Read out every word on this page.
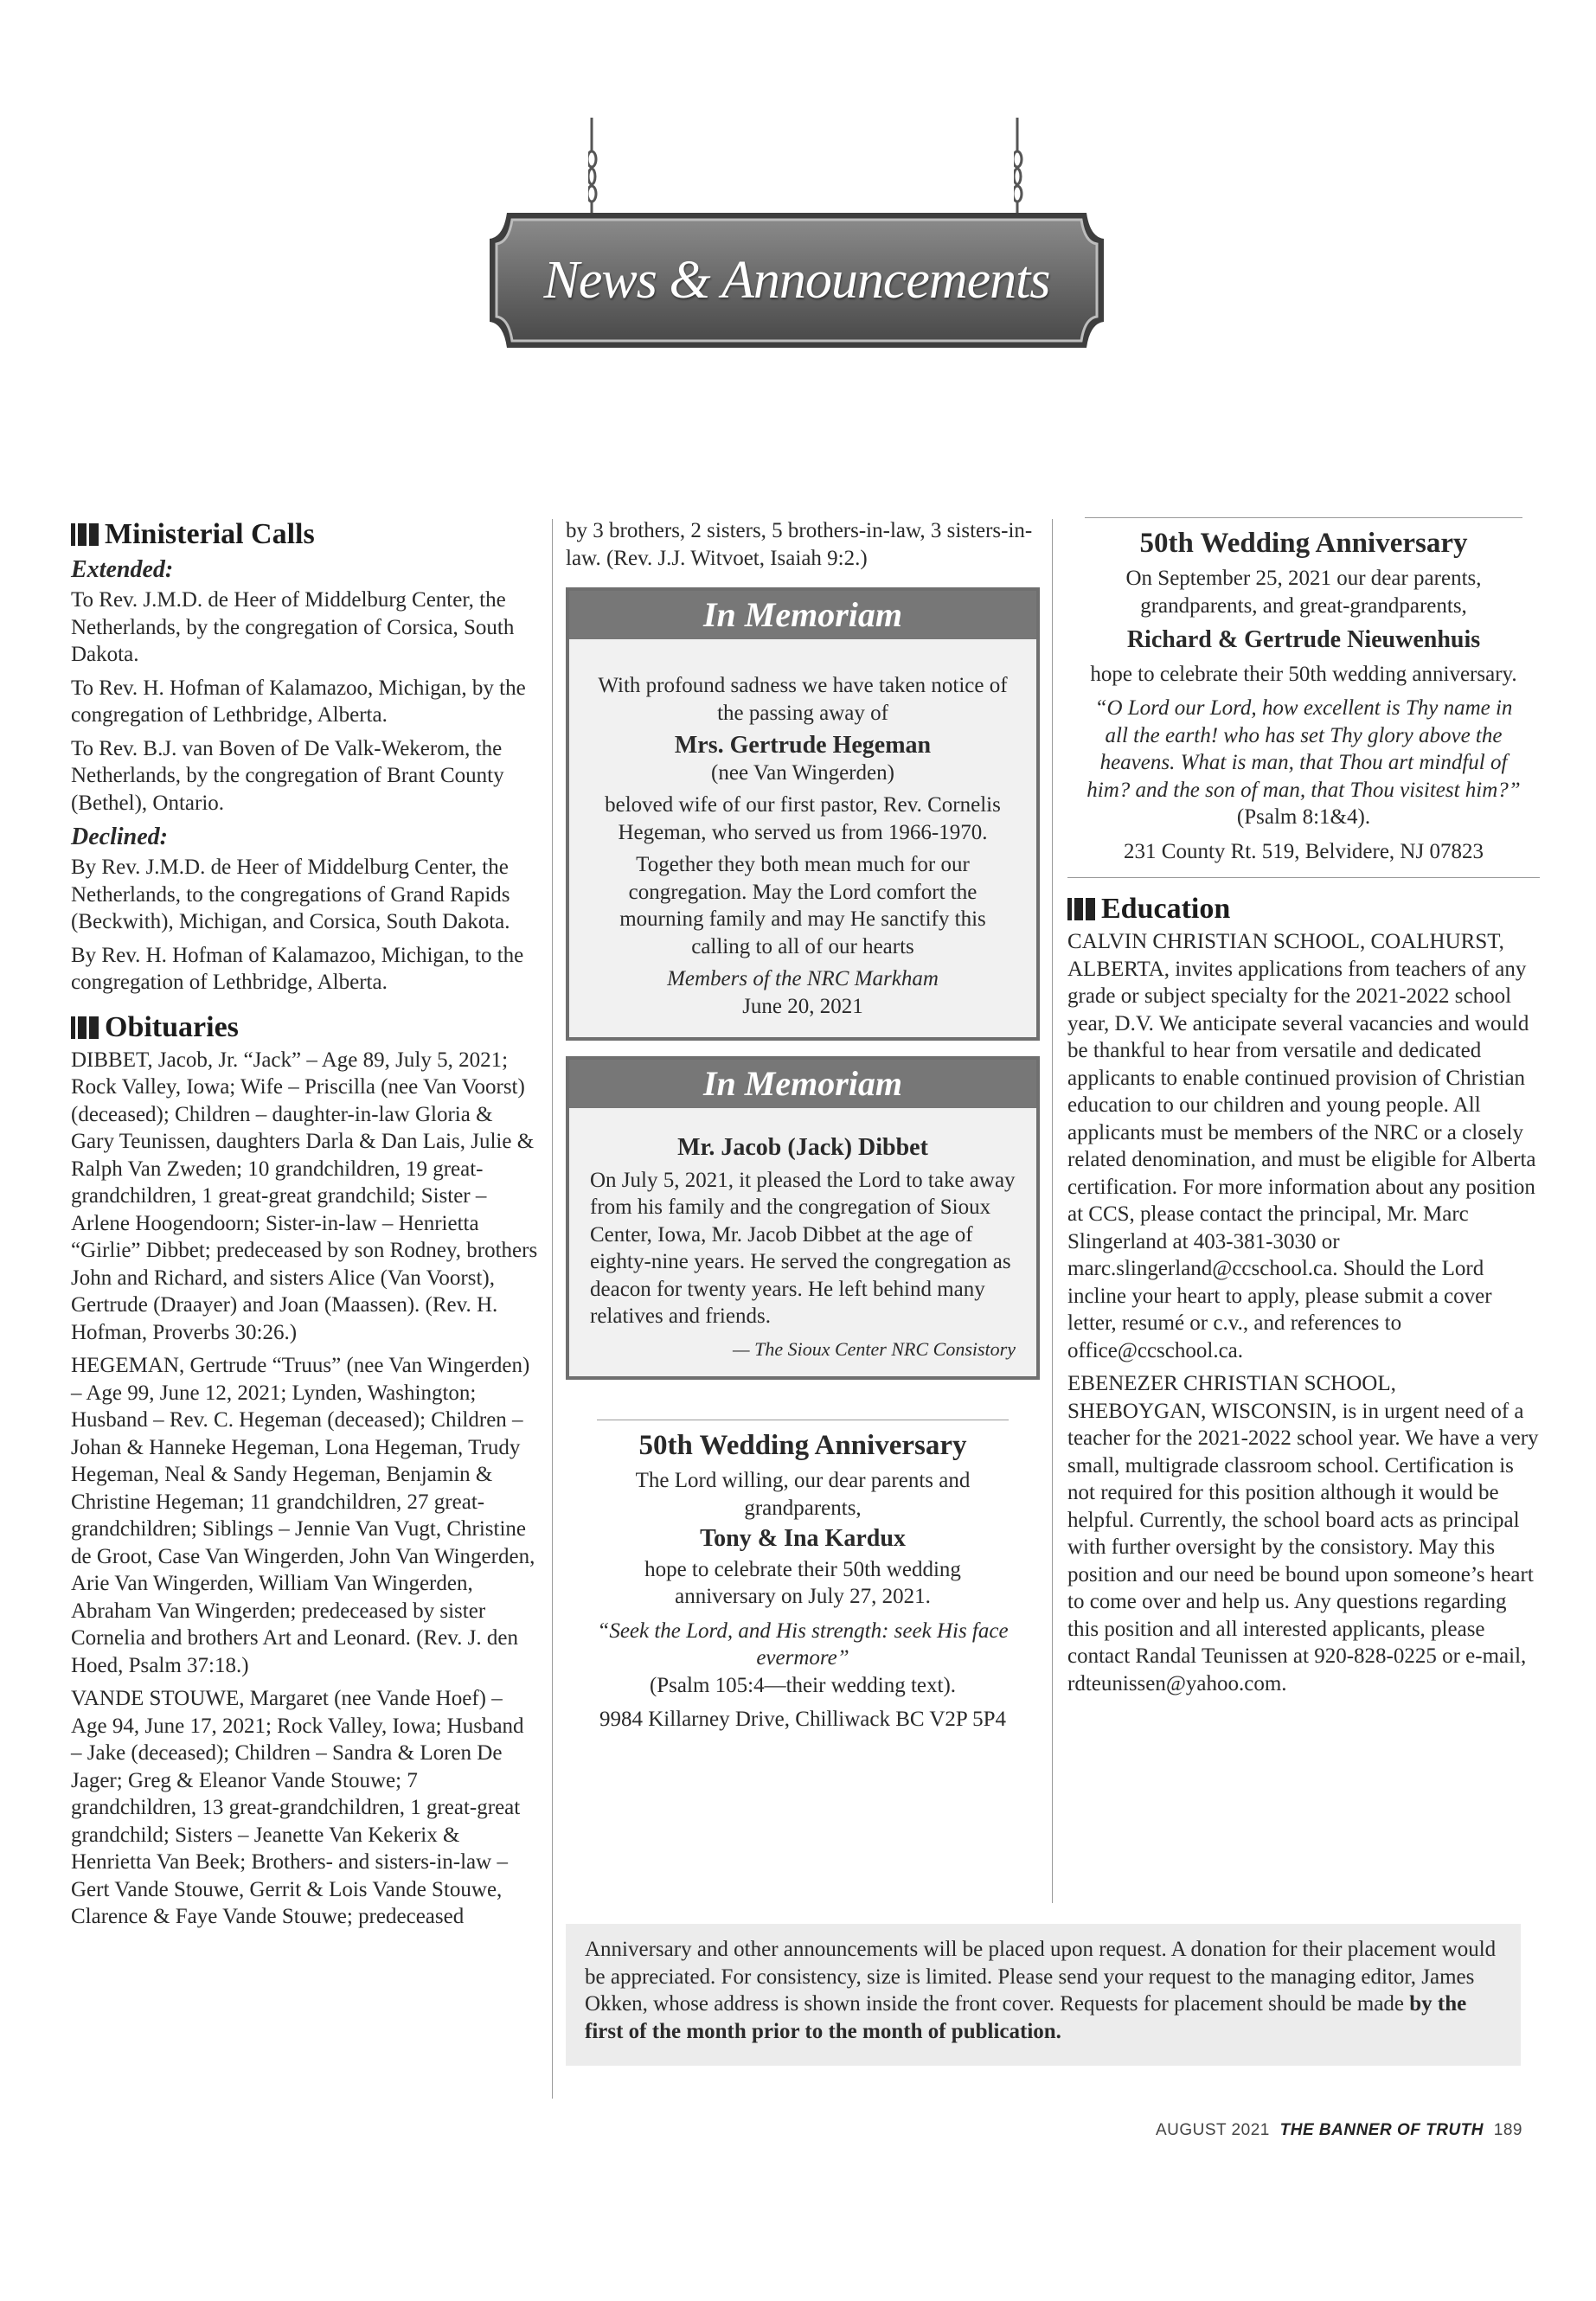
News & Announcements
Ministerial Calls
Extended:

To Rev. J.M.D. de Heer of Middelburg Center, the Netherlands, by the congregation of Corsica, South Dakota.

To Rev. H. Hofman of Kalamazoo, Michigan, by the congregation of Lethbridge, Alberta.

To Rev. B.J. van Boven of De Valk-Wekerom, the Netherlands, by the congregation of Brant County (Bethel), Ontario.

Declined:

By Rev. J.M.D. de Heer of Middelburg Center, the Netherlands, to the congregations of Grand Rapids (Beckwith), Michigan, and Corsica, South Dakota.

By Rev. H. Hofman of Kalamazoo, Michigan, to the congregation of Lethbridge, Alberta.

Obituaries

DIBBET, Jacob, Jr. “Jack” – Age 89, July 5, 2021; Rock Valley, Iowa; Wife – Priscilla (nee Van Voorst) (deceased); Children – daughter-in-law Gloria & Gary Teunissen, daughters Darla & Dan Lais, Julie & Ralph Van Zweden; 10 grandchildren, 19 great-grandchildren, 1 great-great grandchild; Sister – Arlene Hoogendoorn; Sister-in-law – Henrietta “Girlie” Dibbet; predeceased by son Rodney, brothers John and Richard, and sisters Alice (Van Voorst), Gertrude (Draayer) and Joan (Maassen). (Rev. H. Hofman, Proverbs 30:26.)

HEGEMAN, Gertrude “Truus” (nee Van Wingerden) – Age 99, June 12, 2021; Lynden, Washington; Husband – Rev. C. Hegeman (deceased); Children – Johan & Hanneke Hegeman, Lona Hegeman, Trudy Hegeman, Neal & Sandy Hegeman, Benjamin & Christine Hegeman; 11 grandchildren, 27 great-grandchildren; Siblings – Jennie Van Vugt, Christine de Groot, Case Van Wingerden, John Van Wingerden, Arie Van Wingerden, William Van Wingerden, Abraham Van Wingerden; predeceased by sister Cornelia and brothers Art and Leonard. (Rev. J. den Hoed, Psalm 37:18.)

VANDE STOUWE, Margaret (nee Vande Hoef) – Age 94, June 17, 2021; Rock Valley, Iowa; Husband – Jake (deceased); Children – Sandra & Loren De Jager; Greg & Eleanor Vande Stouwe; 7 grandchildren, 13 great-grandchildren, 1 great-great grandchild; Sisters – Jeanette Van Kekerix & Henrietta Van Beek; Brothers- and sisters-in-law – Gert Vande Stouwe, Gerrit & Lois Vande Stouwe, Clarence & Faye Vande Stouwe; predeceased

by 3 brothers, 2 sisters, 5 brothers-in-law, 3 sisters-in-law. (Rev. J.J. Witvoet, Isaiah 9:2.)

In Memoriam
With profound sadness we have taken notice of the passing away of
Mrs. Gertrude Hegeman
(nee Van Wingerden)
beloved wife of our first pastor, Rev. Cornelis Hegeman, who served us from 1966-1970.
Together they both mean much for our congregation. May the Lord comfort the mourning family and may He sanctify this calling to all of our hearts
Members of the NRC Markham
June 20, 2021
In Memoriam
Mr. Jacob (Jack) Dibbet
On July 5, 2021, it pleased the Lord to take away from his family and the congregation of Sioux Center, Iowa, Mr. Jacob Dibbet at the age of eighty-nine years. He served the congregation as deacon for twenty years. He left behind many relatives and friends.
— The Sioux Center NRC Consistory
50th Wedding Anniversary
The Lord willing, our dear parents and grandparents,
Tony & Ina Kardux
hope to celebrate their 50th wedding anniversary on July 27, 2021.
“Seek the Lord, and His strength: seek His face evermore”
(Psalm 105:4—their wedding text).
9984 Killarney Drive, Chilliwack BC V2P 5P4
50th Wedding Anniversary
On September 25, 2021 our dear parents, grandparents, and great-grandparents,
Richard & Gertrude Nieuwenhuis
hope to celebrate their 50th wedding anniversary.
“O Lord our Lord, how excellent is Thy name in all the earth! who has set Thy glory above the heavens. What is man, that Thou art mindful of him? and the son of man, that Thou visitest him?”
(Psalm 8:1&4).
231 County Rt. 519, Belvidere, NJ 07823
Education

CALVIN CHRISTIAN SCHOOL, COALHURST, ALBERTA, invites applications from teachers of any grade or subject specialty for the 2021-2022 school year, D.V. We anticipate several vacancies and would be thankful to hear from versatile and dedicated applicants to enable continued provision of Christian education to our children and young people. All applicants must be members of the NRC or a closely related denomination, and must be eligible for Alberta certification. For more information about any position at CCS, please contact the principal, Mr. Marc Slingerland at 403-381-3030 or marc.slingerland@ccschool.ca. Should the Lord incline your heart to apply, please submit a cover letter, resumé or c.v., and references to office@ccschool.ca.

EBENEZER CHRISTIAN SCHOOL, SHEBOYGAN, WISCONSIN, is in urgent need of a teacher for the 2021-2022 school year. We have a very small, multigrade classroom school. Certification is not required for this position although it would be helpful. Currently, the school board acts as principal with further oversight by the consistory. May this position and our need be bound upon someone’s heart to come over and help us. Any questions regarding this position and all interested applicants, please contact Randal Teunissen at 920-828-0225 or e-mail, rdteunissen@yahoo.com.

Anniversary and other announcements will be placed upon request. A donation for their placement would be appreciated. For consistency, size is limited. Please send your request to the managing editor, James Okken, whose address is shown inside the front cover. Requests for placement should be made by the first of the month prior to the month of publication.
AUGUST 2021 THE BANNER OF TRUTH 189
